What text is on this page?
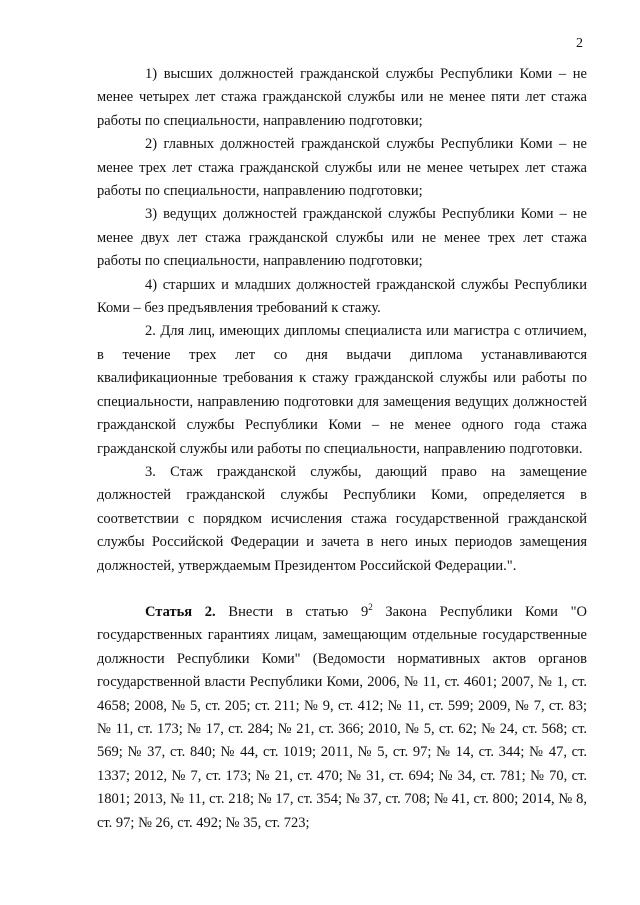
2

1) высших должностей гражданской службы Республики Коми – не менее четырех лет стажа гражданской службы или не менее пяти лет стажа работы по специальности, направлению подготовки;

2) главных должностей гражданской службы Республики Коми – не менее трех лет стажа гражданской службы или не менее четырех лет стажа работы по специальности, направлению подготовки;

3) ведущих должностей гражданской службы Республики Коми – не менее двух лет стажа гражданской службы или не менее трех лет стажа работы по специальности, направлению подготовки;

4) старших и младших должностей гражданской службы Республики Коми – без предъявления требований к стажу.

2. Для лиц, имеющих дипломы специалиста или магистра с отличием, в течение трех лет со дня выдачи диплома устанавливаются квалификационные требования к стажу гражданской службы или работы по специальности, направлению подготовки для замещения ведущих должностей гражданской службы Республики Коми – не менее одного года стажа гражданской службы или работы по специальности, направлению подготовки.

3. Стаж гражданской службы, дающий право на замещение должностей гражданской службы Республики Коми, определяется в соответствии с порядком исчисления стажа государственной гражданской службы Российской Федерации и зачета в него иных периодов замещения должностей, утверждаемым Президентом Российской Федерации.".

Статья 2. Внести в статью $9^2$ Закона Республики Коми "О государственных гарантиях лицам, замещающим отдельные государственные должности Республики Коми" (Ведомости нормативных актов органов государственной власти Республики Коми, 2006, № 11, ст. 4601; 2007, № 1, ст. 4658; 2008, № 5, ст. 205; ст. 211; № 9, ст. 412; № 11, ст. 599; 2009, № 7, ст. 83; № 11, ст. 173; № 17, ст. 284; № 21, ст. 366; 2010, № 5, ст. 62; № 24, ст. 568; ст. 569; № 37, ст. 840; № 44, ст. 1019; 2011, № 5, ст. 97; № 14, ст. 344; № 47, ст. 1337; 2012, № 7, ст. 173; № 21, ст. 470; № 31, ст. 694; № 34, ст. 781; № 70, ст. 1801; 2013, № 11, ст. 218; № 17, ст. 354; № 37, ст. 708; № 41, ст. 800; 2014, № 8, ст. 97; № 26, ст. 492; № 35, ст. 723;
